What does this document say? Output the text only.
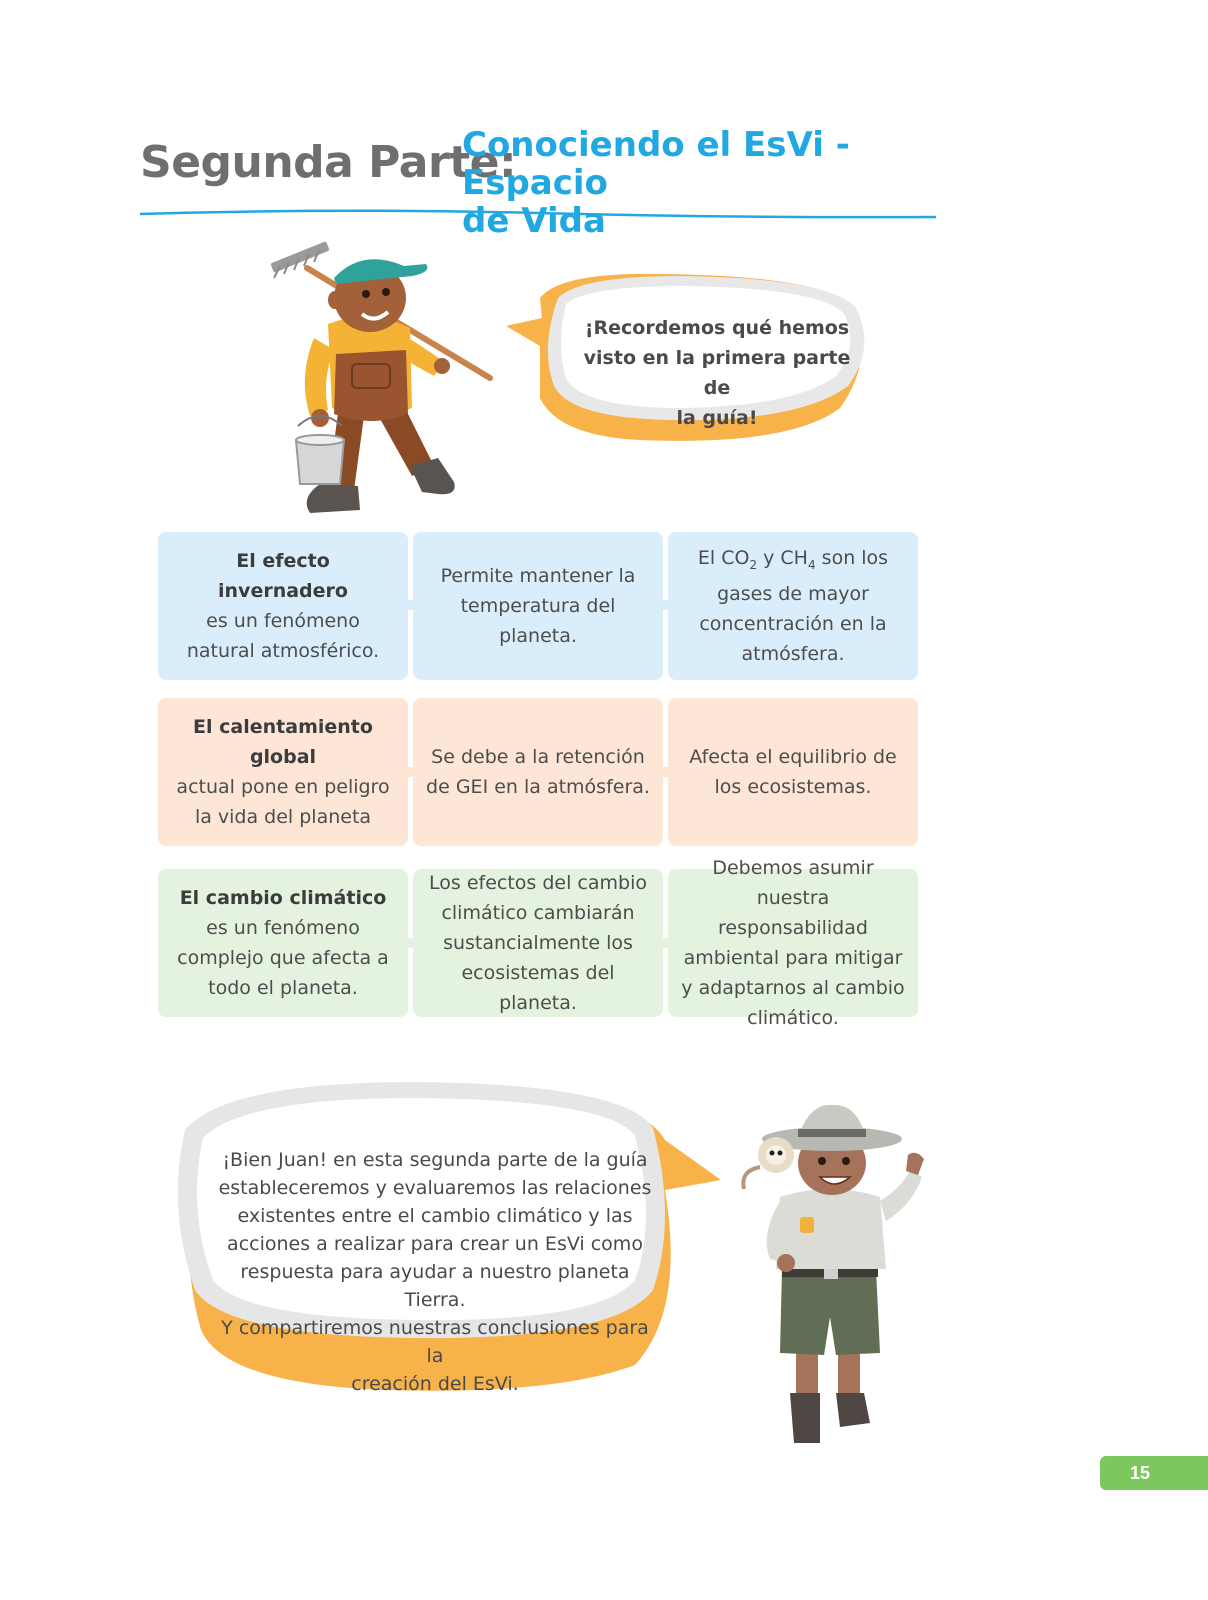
Segunda Parte:
Conociendo el EsVi - Espacio
de Vida
¡Recordemos qué hemos
visto en la primera parte de
la guía!
El efecto invernadero
es un fenómeno natural atmosférico.
Permite mantener la temperatura del planeta.
El $CO_2$ y $CH_4$ son los gases de mayor concentración en la atmósfera.
El calentamiento global
actual pone en peligro la vida del planeta
Se debe a la retención de GEI en la atmósfera.
Afecta el equilibrio de los ecosistemas.
El cambio climático es un fenómeno complejo que afecta a todo el planeta.
Los efectos del cambio climático cambiarán sustancialmente los ecosistemas del planeta.
Debemos asumir nuestra responsabilidad ambiental para mitigar y adaptarnos al cambio climático.
¡Bien Juan! en esta segunda parte de la guía
estableceremos y evaluaremos las relaciones
existentes entre el cambio climático y las
acciones a realizar para crear un EsVi como
respuesta para ayudar a nuestro planeta Tierra.
Y compartiremos nuestras conclusiones para la
creación del EsVi.
15
